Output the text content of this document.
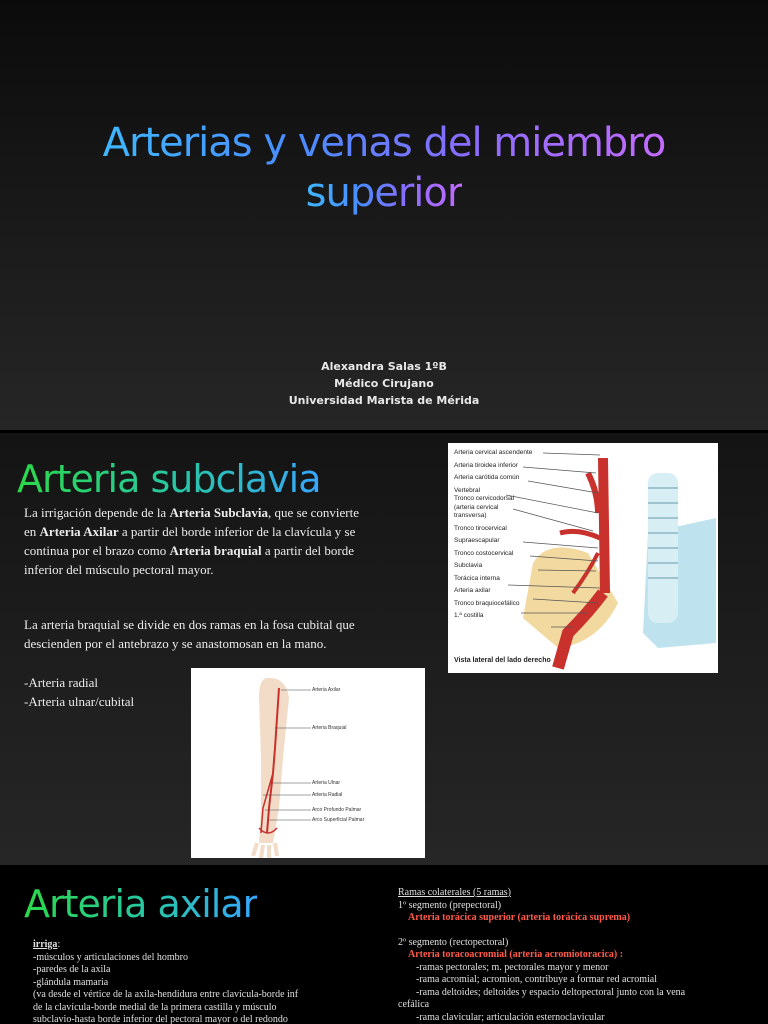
Arterias y venas del miembro
superior
Alexandra Salas 1ºB
Médico Cirujano
Universidad Marista de Mérida
Arteria subclavia
La irrigación depende de la Arteria Subclavia, que se convierte en Arteria Axilar a partir del borde inferior de la clavícula y se continua por el brazo como Arteria braquial a partir del borde inferior del músculo pectoral mayor.
La arteria braquial se divide en dos ramas en la fosa cubital que descienden por el antebrazo y se anastomosan en la mano.
-Arteria radial
-Arteria ulnar/cubital
Arteria cervical ascendente
Arteria tiroidea inferior
Arteria carótida común
Vertebral
Tronco cervicodorsal
(arteria cervical
transversa)
Tronco tirocervical
Supraescapular
Tronco costocervical
Subclavia
Torácica interna
Arteria axilar
Tronco braquiocefálico
1.ª costilla
Vista lateral del lado derecho
Arteria Axilar
Arteria Braquial
Arteria Ulnar
Arteria Radial
Arco Profundo Palmar
Arco Superficial Palmar
Arteria axilar
irriga:
-músculos y articulaciones del hombro
-paredes de la axila
-glándula mamaria
(va desde el vértice de la axila-hendidura entre clavícula-borde inf
de la clavícula-borde medial de la primera castilla y músculo
subclavio-hasta borde inferior del pectoral mayor o del redondo
Ramas colaterales (5 ramas)
1º segmento (prepectoral)
Arteria torácica superior (arteria torácica suprema)
2º segmento (rectopectoral)
Arteria toracoacromial (arteria acromiotoracica) :
-ramas pectorales; m. pectorales mayor y menor
-rama acromial; acromion, contribuye a formar red acromial
-rama deltoides; deltoides y espacio deltopectoral junto con la vena
cefálica
-rama clavicular; articulación esternoclavicular
